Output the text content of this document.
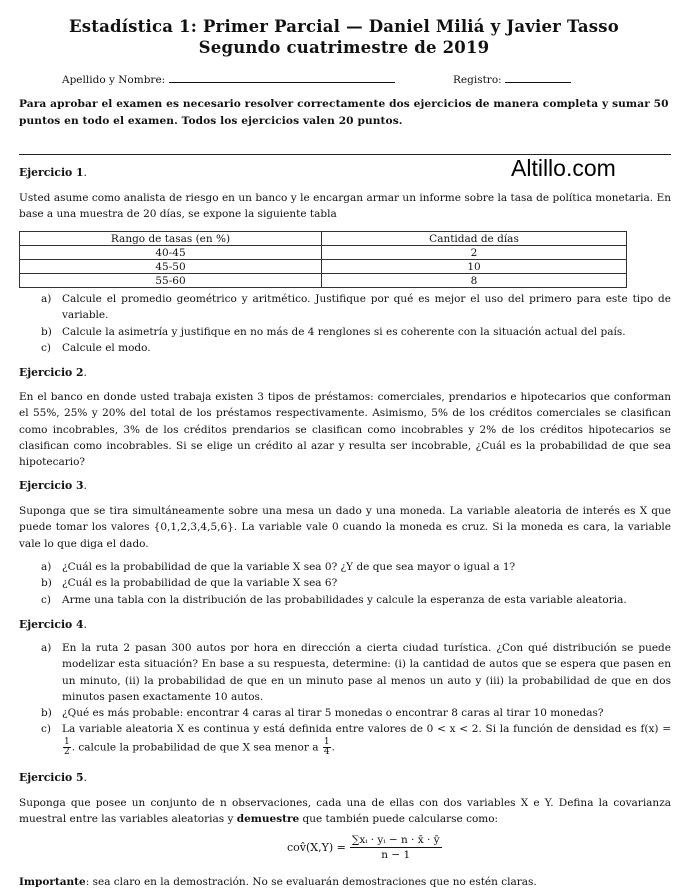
Estadística 1: Primer Parcial — Daniel Miliá y Javier Tasso
Segundo cuatrimestre de 2019
Apellido y Nombre:	Registro:
Para aprobar el examen es necesario resolver correctamente dos ejercicios de manera completa y sumar 50 puntos en todo el examen. Todos los ejercicios valen 20 puntos.
Altillo.com
Ejercicio 1.
Usted asume como analista de riesgo en un banco y le encargan armar un informe sobre la tasa de política monetaria. En base a una muestra de 20 días, se expone la siguiente tabla
Rango de tasas (en %)	Cantidad de días
40-45	2
45-50	10
55-60	8
a) Calcule el promedio geométrico y aritmético. Justifique por qué es mejor el uso del primero para este tipo de variable.
b) Calcule la asimetría y justifique en no más de 4 renglones si es coherente con la situación actual del país.
c) Calcule el modo.
Ejercicio 2.
En el banco en donde usted trabaja existen 3 tipos de préstamos: comerciales, prendarios e hipotecarios que conforman el 55%, 25% y 20% del total de los préstamos respectivamente. Asimismo, 5% de los créditos comerciales se clasifican como incobrables, 3% de los créditos prendarios se clasifican como incobrables y 2% de los créditos hipotecarios se clasifican como incobrables. Si se elige un crédito al azar y resulta ser incobrable, ¿Cuál es la probabilidad de que sea hipotecario?
Ejercicio 3.
Suponga que se tira simultáneamente sobre una mesa un dado y una moneda. La variable aleatoria de interés es X que puede tomar los valores {0,1,2,3,4,5,6}. La variable vale 0 cuando la moneda es cruz. Si la moneda es cara, la variable vale lo que diga el dado.
a) ¿Cuál es la probabilidad de que la variable X sea 0? ¿Y de que sea mayor o igual a 1?
b) ¿Cuál es la probabilidad de que la variable X sea 6?
c) Arme una tabla con la distribución de las probabilidades y calcule la esperanza de esta variable aleatoria.
Ejercicio 4.
a) En la ruta 2 pasan 300 autos por hora en dirección a cierta ciudad turística. ¿Con qué distribución se puede modelizar esta situación? En base a su respuesta, determine: (i) la cantidad de autos que se espera que pasen en un minuto, (ii) la probabilidad de que en un minuto pase al menos un auto y (iii) la probabilidad de que en dos minutos pasen exactamente 10 autos.
b) ¿Qué es más probable: encontrar 4 caras al tirar 5 monedas o encontrar 8 caras al tirar 10 monedas?
c) La variable aleatoria X es continua y está definida entre valores de 0 < x < 2. Si la función de densidad es f(x) =
$\frac{1}{2}$ . calcule la probabilidad de que X sea menor a $\frac{1}{4}$ .
Ejercicio 5.
Suponga que posee un conjunto de n observaciones, cada una de ellas con dos variables X e Y. Defina la covarianza muestral entre las variables aleatorias y demuestre que también puede calcularse como:
cov̂(X,Y) = $\frac{\text{∑xᵢ · yᵢ − n · x̄ · ȳ}}{n - 1}$
Importante: sea claro en la demostración. No se evaluarán demostraciones que no estén claras.
